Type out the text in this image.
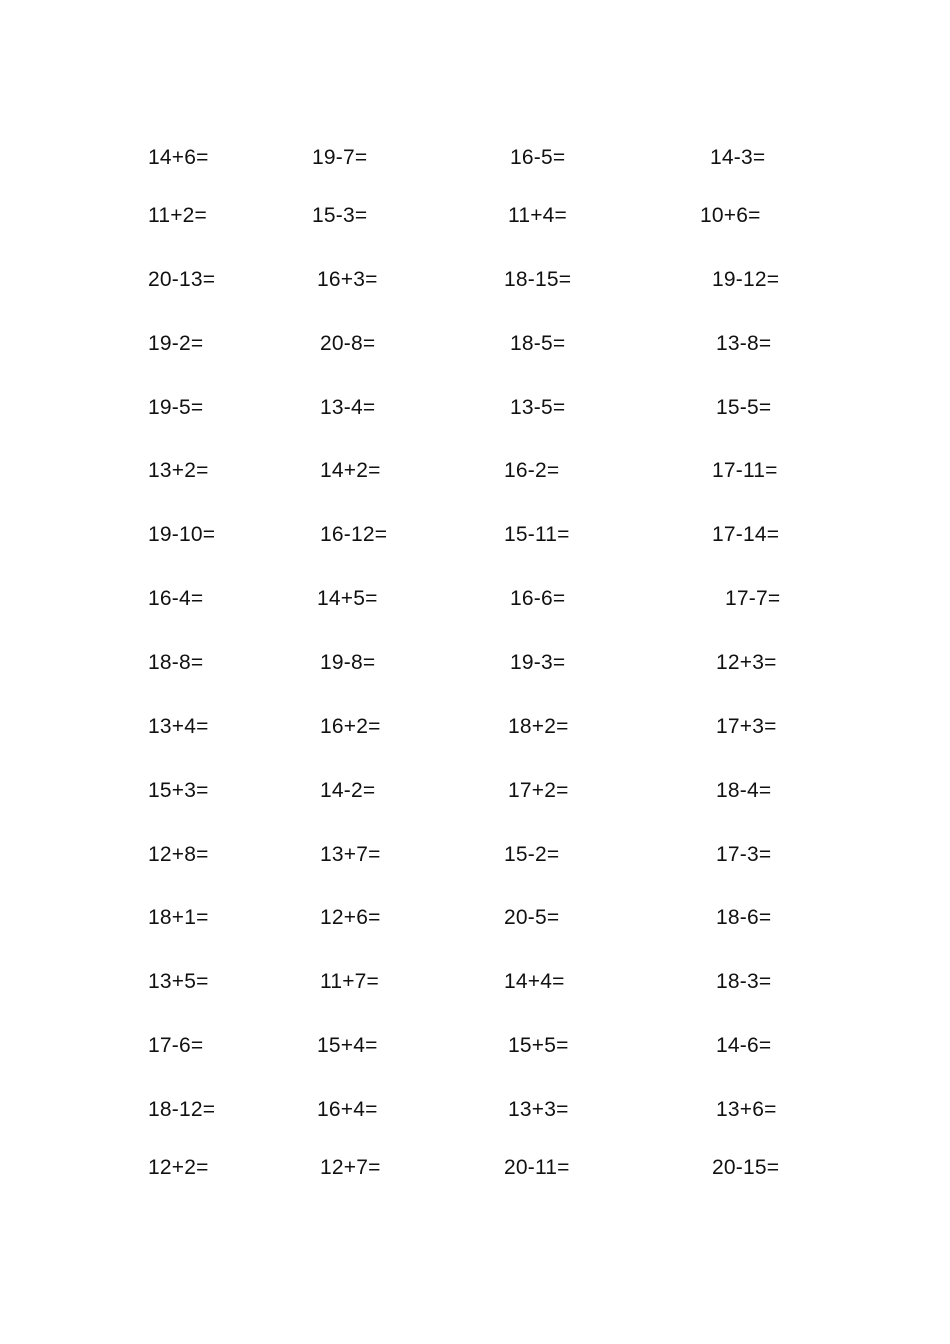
14+6=	19-7=	16-5=	14-3=
11+2=	15-3=	11+4=	10+6=
20-13=	16+3=	18-15=	19-12=
19-2=	20-8=	18-5=	13-8=
19-5=	13-4=	13-5=	15-5=
13+2=	14+2=	16-2=	17-11=
19-10=	16-12=	15-11=	17-14=
16-4=	14+5=	16-6=	17-7=
18-8=	19-8=	19-3=	12+3=
13+4=	16+2=	18+2=	17+3=
15+3=	14-2=	17+2=	18-4=
12+8=	13+7=	15-2=	17-3=
18+1=	12+6=	20-5=	18-6=
13+5=	11+7=	14+4=	18-3=
17-6=	15+4=	15+5=	14-6=
18-12=	16+4=	13+3=	13+6=
12+2=	12+7=	20-11=	20-15=
